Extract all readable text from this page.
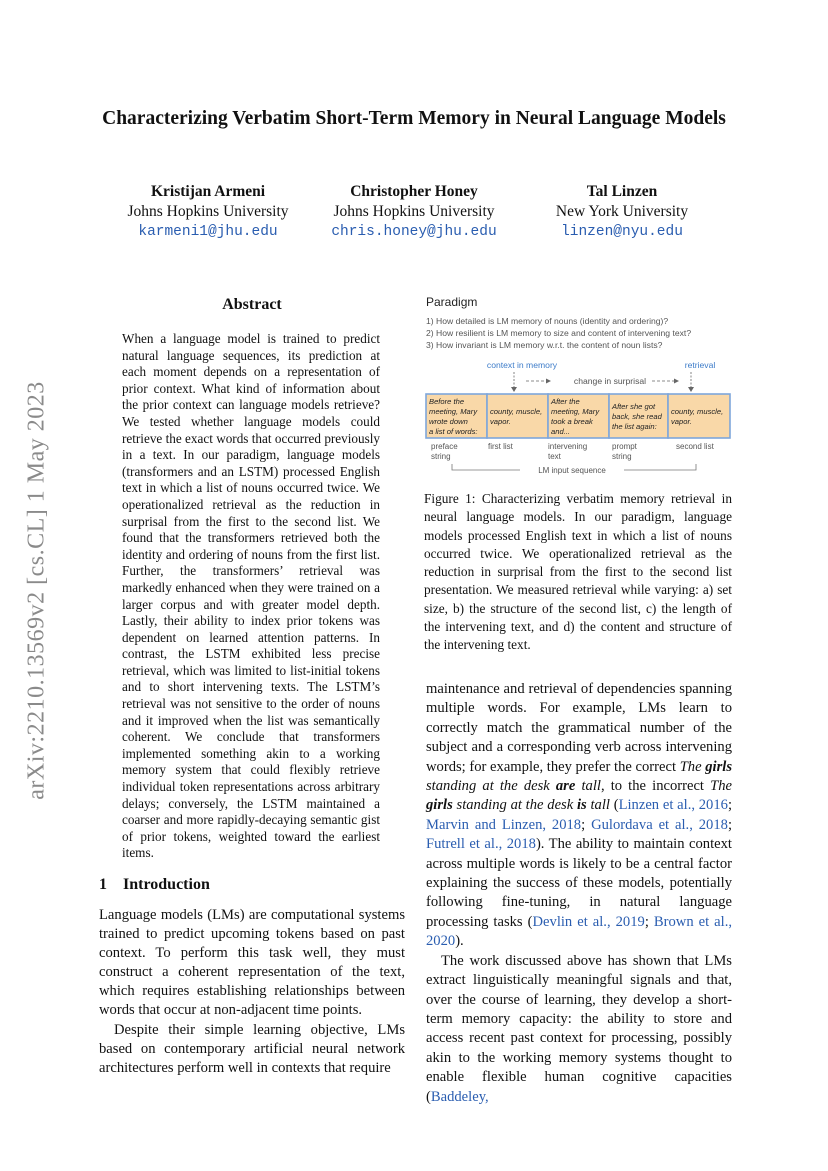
arXiv:2210.13569v2 [cs.CL] 1 May 2023
Characterizing Verbatim Short-Term Memory in Neural Language Models
Kristijan Armeni
Johns Hopkins University
karmeni1@jhu.edu
Christopher Honey
Johns Hopkins University
chris.honey@jhu.edu
Tal Linzen
New York University
linzen@nyu.edu
Abstract
When a language model is trained to predict natural language sequences, its prediction at each moment depends on a representation of prior context. What kind of information about the prior context can language models retrieve? We tested whether language models could retrieve the exact words that occurred previously in a text. In our paradigm, language models (transformers and an LSTM) processed English text in which a list of nouns occurred twice. We operationalized retrieval as the reduction in surprisal from the first to the second list. We found that the transformers retrieved both the identity and ordering of nouns from the first list. Further, the transformers’ retrieval was markedly enhanced when they were trained on a larger corpus and with greater model depth. Lastly, their ability to index prior tokens was dependent on learned attention patterns. In contrast, the LSTM exhibited less precise retrieval, which was limited to list-initial tokens and to short intervening texts. The LSTM’s retrieval was not sensitive to the order of nouns and it improved when the list was semantically coherent. We conclude that transformers implemented something akin to a working memory system that could flexibly retrieve individual token representations across arbitrary delays; conversely, the LSTM maintained a coarser and more rapidly-decaying semantic gist of prior tokens, weighted toward the earliest items.
1 Introduction

Language models (LMs) are computational systems trained to predict upcoming tokens based on past context. To perform this task well, they must construct a coherent representation of the text, which requires establishing relationships between words that occur at non-adjacent time points.

Despite their simple learning objective, LMs based on contemporary artificial neural network architectures perform well in contexts that require

Paradigm
1) How detailed is LM memory of nouns (identity and ordering)?
2) How resilient is LM memory to size and content of intervening text?
3) How invariant is LM memory w.r.t. the content of noun lists?
context in memory	retrieval
change in surprisal
Before the
meeting, Mary
wrote down
a list of words:
county, muscle,
vapor.
After the
meeting, Mary
took a break
and...
After she got
back, she read
the list again:
county, muscle,
vapor.
preface
string
first list	intervening
text
prompt
string
second list
LM input sequence
Figure 1: Characterizing verbatim memory retrieval in neural language models. In our paradigm, language models processed English text in which a list of nouns occurred twice. We operationalized retrieval as the reduction in surprisal from the first to the second list presentation. We measured retrieval while varying: a) set size, b) the structure of the second list, c) the length of the intervening text, and d) the content and structure of the intervening text.

maintenance and retrieval of dependencies spanning multiple words. For example, LMs learn to correctly match the grammatical number of the subject and a corresponding verb across intervening words; for example, they prefer the correct The girls standing at the desk are tall, to the incorrect The girls standing at the desk is tall (Linzen et al., 2016; Marvin and Linzen, 2018; Gulordava et al., 2018; Futrell et al., 2018). The ability to maintain context across multiple words is likely to be a central factor explaining the success of these models, potentially following fine-tuning, in natural language processing tasks (Devlin et al., 2019; Brown et al., 2020).

The work discussed above has shown that LMs extract linguistically meaningful signals and that, over the course of learning, they develop a short-term memory capacity: the ability to store and access recent past context for processing, possibly akin to the working memory systems thought to enable flexible human cognitive capacities (Baddeley,
